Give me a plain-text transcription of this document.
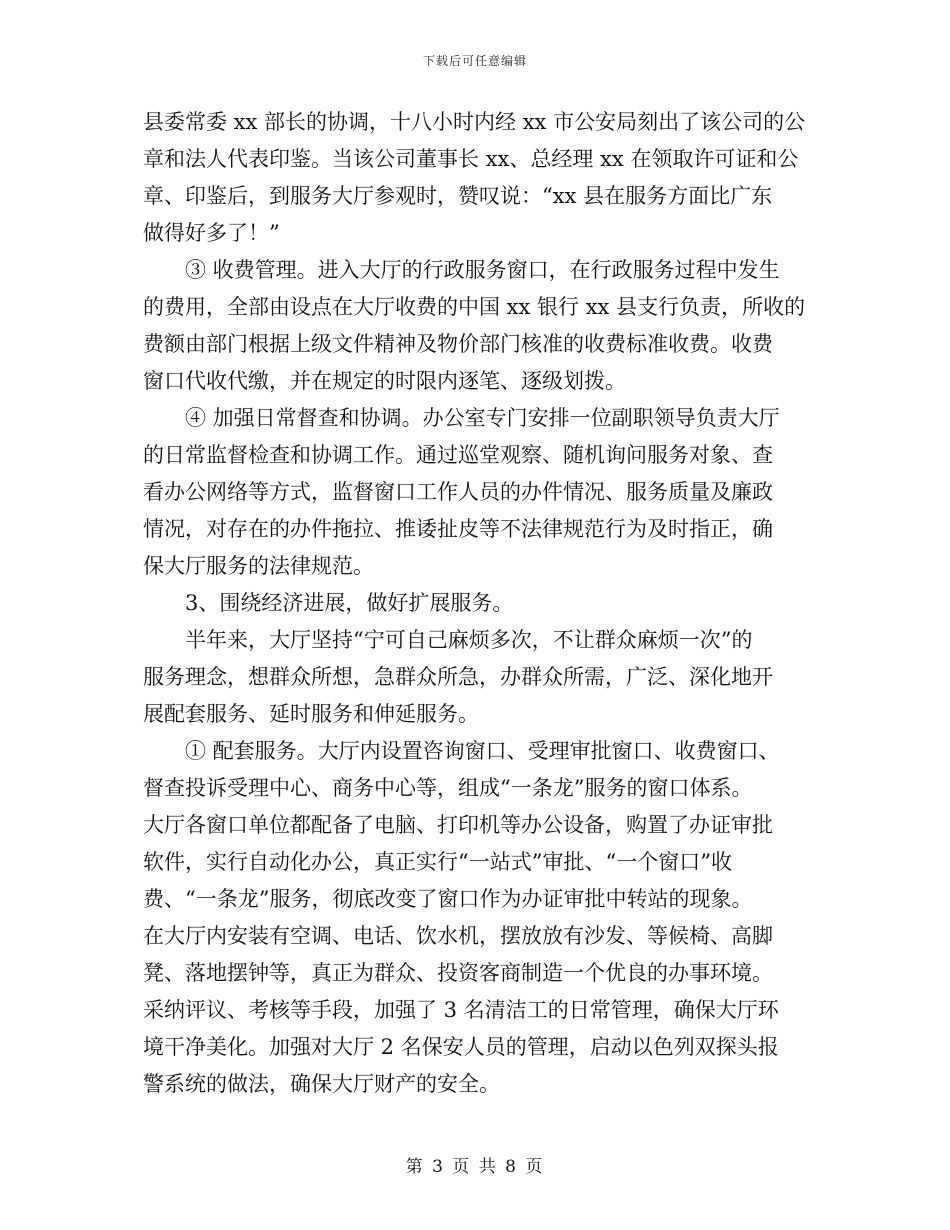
下载后可任意编辑
县委常委 xx 部长的协调，十八小时内经 xx 市公安局刻出了该公司的公
章和法人代表印鉴。当该公司董事长 xx、总经理 xx 在领取许可证和公
章、印鉴后，到服务大厅参观时，赞叹说：“xx 县在服务方面比广东
做得好多了！”
　　③ 收费管理。进入大厅的行政服务窗口，在行政服务过程中发生
的费用，全部由设点在大厅收费的中国 xx 银行 xx 县支行负责，所收的
费额由部门根据上级文件精神及物价部门核准的收费标准收费。收费
窗口代收代缴，并在规定的时限内逐笔、逐级划拨。
　　④ 加强日常督查和协调。办公室专门安排一位副职领导负责大厅
的日常监督检查和协调工作。通过巡堂观察、随机询问服务对象、查
看办公网络等方式，监督窗口工作人员的办件情况、服务质量及廉政
情况，对存在的办件拖拉、推诿扯皮等不法律规范行为及时指正，确
保大厅服务的法律规范。
　　3、围绕经济进展，做好扩展服务。
　　半年来，大厅坚持“宁可自己麻烦多次，不让群众麻烦一次”的
服务理念，想群众所想，急群众所急，办群众所需，广泛、深化地开
展配套服务、延时服务和伸延服务。
　　① 配套服务。大厅内设置咨询窗口、受理审批窗口、收费窗口、
督查投诉受理中心、商务中心等，组成“一条龙”服务的窗口体系。
大厅各窗口单位都配备了电脑、打印机等办公设备，购置了办证审批
软件，实行自动化办公，真正实行“一站式”审批、“一个窗口”收
费、“一条龙”服务，彻底改变了窗口作为办证审批中转站的现象。
在大厅内安装有空调、电话、饮水机，摆放放有沙发、等候椅、高脚
凳、落地摆钟等，真正为群众、投资客商制造一个优良的办事环境。
采纳评议、考核等手段，加强了 3 名清洁工的日常管理，确保大厅环
境干净美化。加强对大厅 2 名保安人员的管理，启动以色列双探头报
警系统的做法，确保大厅财产的安全。
第 3 页 共 8 页
